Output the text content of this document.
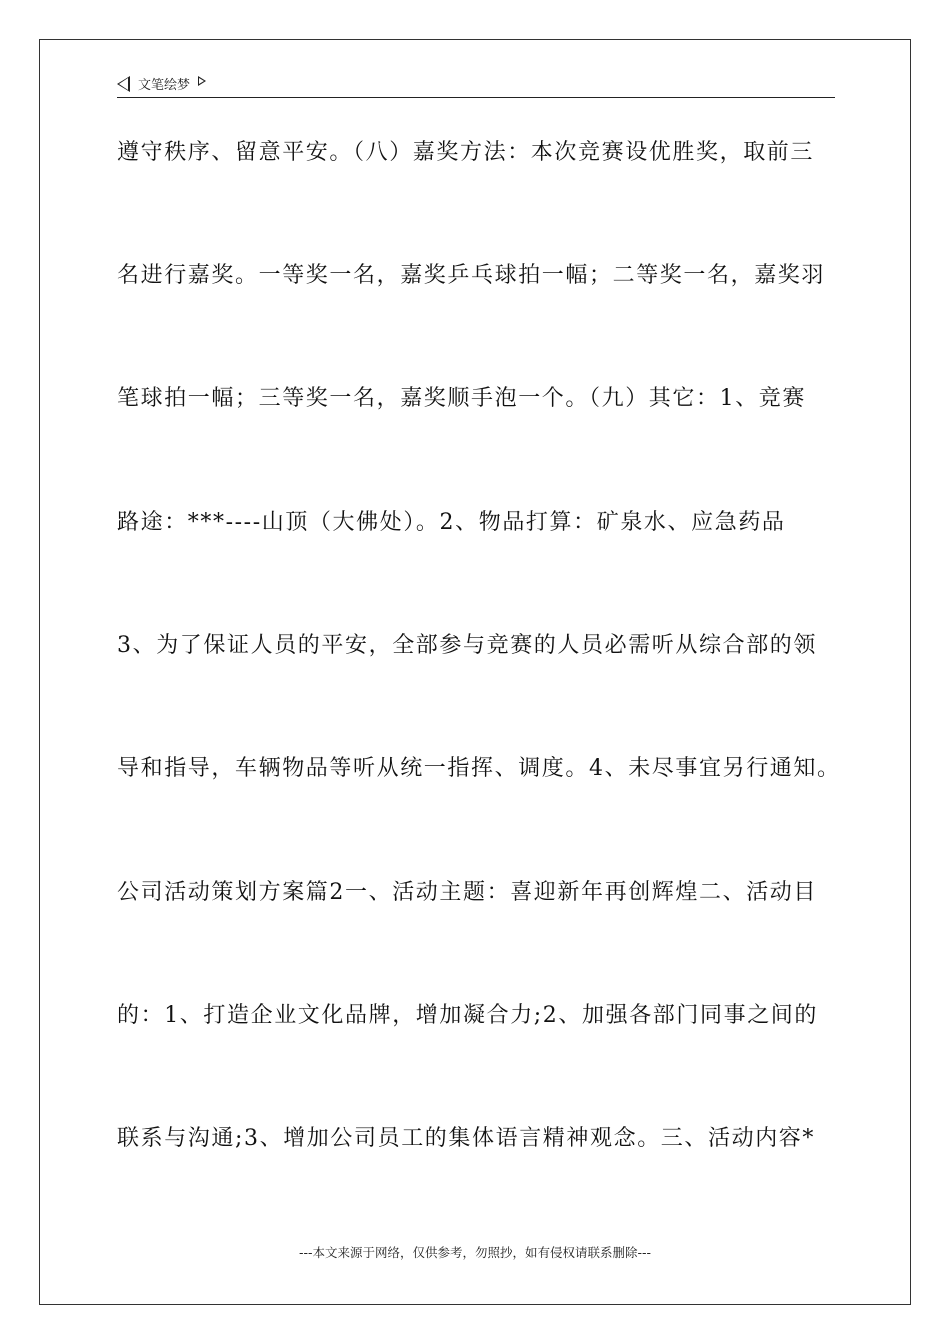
文笔绘梦
遵守秩序、留意平安。（八）嘉奖方法：本次竞赛设优胜奖，取前三
名进行嘉奖。一等奖一名，嘉奖乒乓球拍一幅；二等奖一名，嘉奖羽
笔球拍一幅；三等奖一名，嘉奖顺手泡一个。（九）其它：1、竞赛
路途：***----山顶（大佛处）。2、物品打算：矿泉水、应急药品
3、为了保证人员的平安，全部参与竞赛的人员必需听从综合部的领
导和指导，车辆物品等听从统一指挥、调度。4、未尽事宜另行通知。
公司活动策划方案篇2一、活动主题：喜迎新年再创辉煌二、活动目
的：1、打造企业文化品牌，增加凝合力;2、加强各部门同事之间的
联系与沟通;3、增加公司员工的集体语言精神观念。三、活动内容*
---本文来源于网络，仅供参考，勿照抄，如有侵权请联系删除---
